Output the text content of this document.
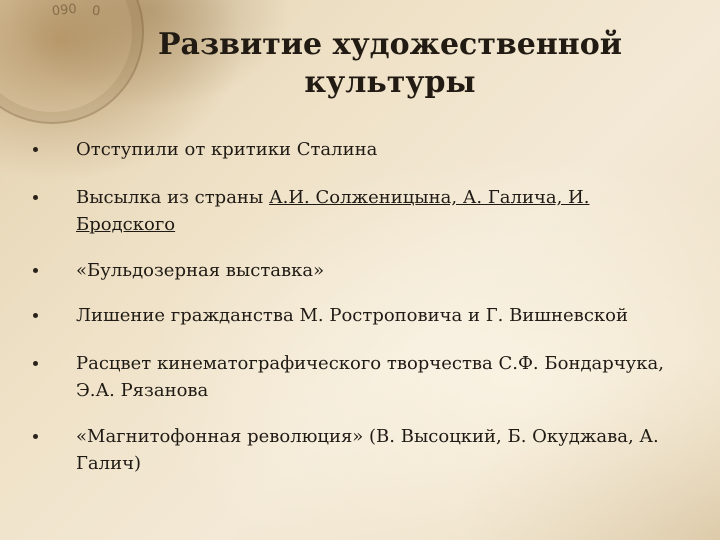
090 0
Развитие художественной
культуры
Отступили от критики Сталина
Высылка из страны А.И. Солженицына, А. Галича, И.
Бродского
«Бульдозерная выставка»
Лишение гражданства М. Ростроповича и Г. Вишневской
Расцвет кинематографического творчества С.Ф. Бондарчука,
Э.А. Рязанова
«Магнитофонная революция» (В. Высоцкий, Б. Окуджава, А.
Галич)
